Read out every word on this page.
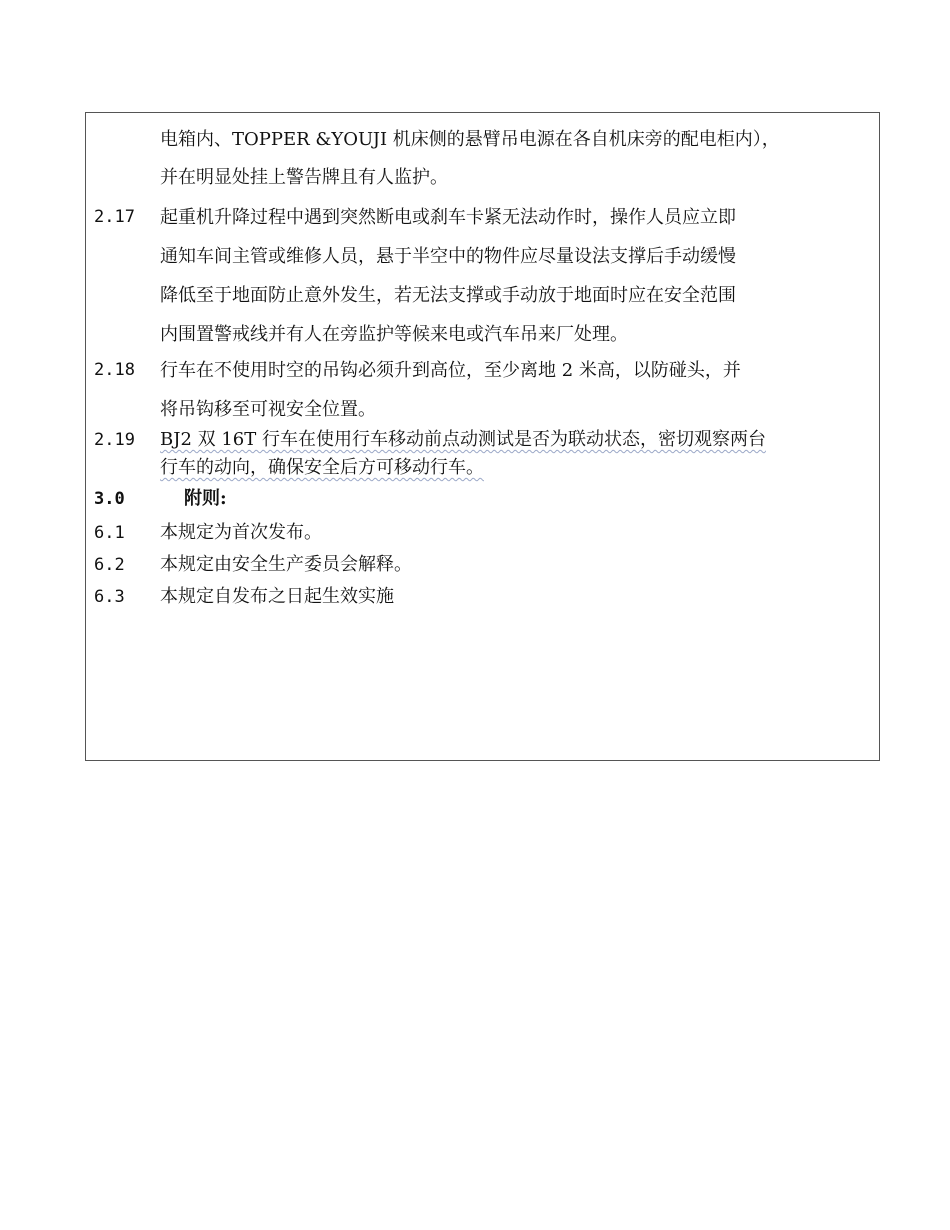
电箱内、TOPPER &YOUJI 机床侧的悬臂吊电源在各自机床旁的配电柜内），
并在明显处挂上警告牌且有人监护。
2.17	起重机升降过程中遇到突然断电或刹车卡紧无法动作时，操作人员应立即
通知车间主管或维修人员，悬于半空中的物件应尽量设法支撑后手动缓慢
降低至于地面防止意外发生，若无法支撑或手动放于地面时应在安全范围
内围置警戒线并有人在旁监护等候来电或汽车吊来厂处理。
2.18	行车在不使用时空的吊钩必须升到高位，至少离地 2 米高，以防碰头，并
将吊钩移至可视安全位置。
2.19	BJ2 双 16T 行车在使用行车移动前点动测试是否为联动状态，密切观察两台
行车的动向，确保安全后方可移动行车。
3.0	附则:
6.1	本规定为首次发布。
6.2	本规定由安全生产委员会解释。
6.3	本规定自发布之日起生效实施
